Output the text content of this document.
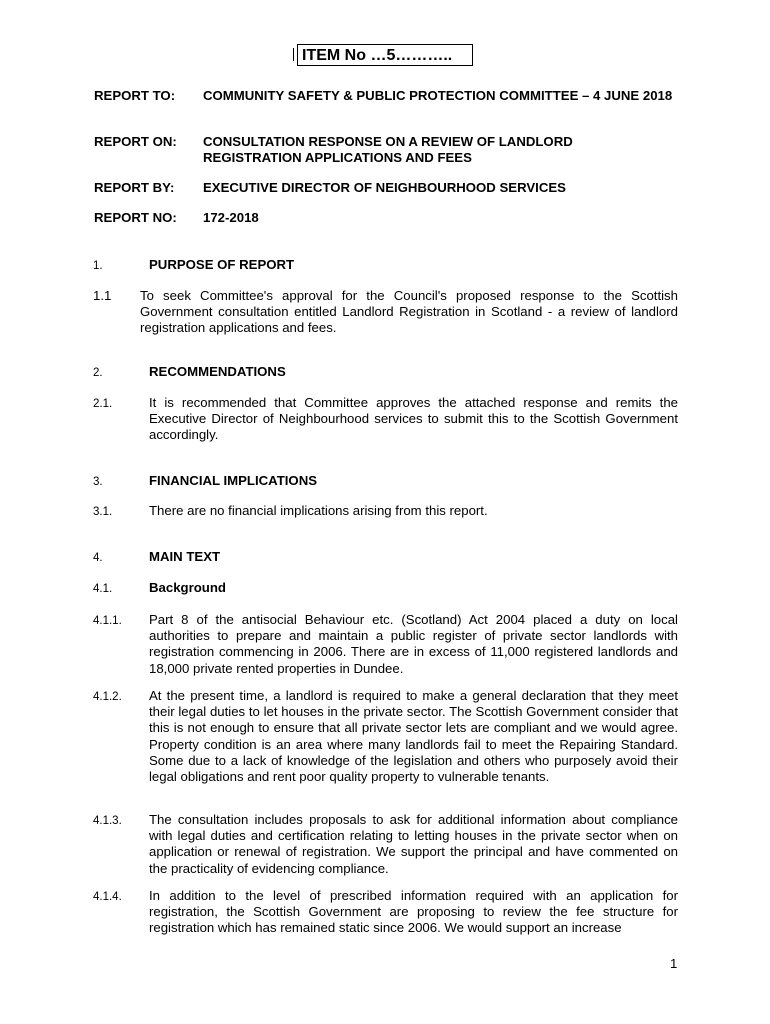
ITEM No …5………..
REPORT TO: COMMUNITY SAFETY & PUBLIC PROTECTION COMMITTEE – 4 JUNE 2018
REPORT ON: CONSULTATION RESPONSE ON A REVIEW OF LANDLORD REGISTRATION APPLICATIONS AND FEES
REPORT BY: EXECUTIVE DIRECTOR OF NEIGHBOURHOOD SERVICES
REPORT NO: 172-2018
1.	PURPOSE OF REPORT
1.1 To seek Committee's approval for the Council's proposed response to the Scottish Government consultation entitled Landlord Registration in Scotland - a review of landlord registration applications and fees.
2.	RECOMMENDATIONS
2.1.	It is recommended that Committee approves the attached response and remits the Executive Director of Neighbourhood services to submit this to the Scottish Government accordingly.
3.	FINANCIAL IMPLICATIONS
3.1.	There are no financial implications arising from this report.
4.	MAIN TEXT
4.1.	Background
4.1.1. Part 8 of the antisocial Behaviour etc. (Scotland) Act 2004 placed a duty on local authorities to prepare and maintain a public register of private sector landlords with registration commencing in 2006. There are in excess of 11,000 registered landlords and 18,000 private rented properties in Dundee.
4.1.2. At the present time, a landlord is required to make a general declaration that they meet their legal duties to let houses in the private sector. The Scottish Government consider that this is not enough to ensure that all private sector lets are compliant and we would agree. Property condition is an area where many landlords fail to meet the Repairing Standard. Some due to a lack of knowledge of the legislation and others who purposely avoid their legal obligations and rent poor quality property to vulnerable tenants.
4.1.3. The consultation includes proposals to ask for additional information about compliance with legal duties and certification relating to letting houses in the private sector when on application or renewal of registration. We support the principal and have commented on the practicality of evidencing compliance.
4.1.4. In addition to the level of prescribed information required with an application for registration, the Scottish Government are proposing to review the fee structure for registration which has remained static since 2006. We would support an increase
1
